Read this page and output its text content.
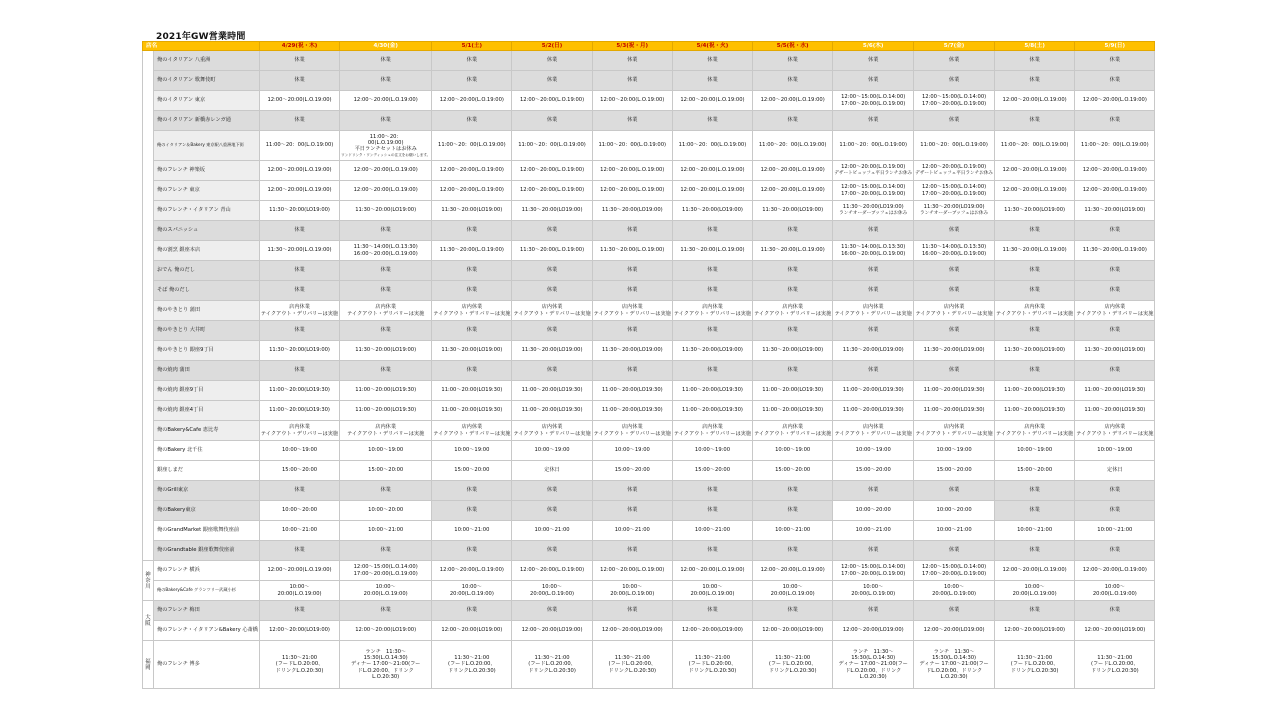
2021年GW営業時間
店名		4/29(祝・木)	4/30(金)	5/1(土)	5/2(日)	5/3(祝・月)	5/4(祝・火)	5/5(祝・水)	5/6(木)	5/7(金)	5/8(土)	5/9(日)
	俺のイタリアン 八重洲	休業	休業	休業	休業	休業	休業	休業	休業	休業	休業	休業

	俺のイタリアン 歌舞伎町	休業	休業	休業	休業	休業	休業	休業	休業	休業	休業	休業

	俺のイタリアン 東京	12:00～20:00(L.O.19:00)	12:00～20:00(L.O.19:00)	12:00～20:00(L.O.19:00)	12:00～20:00(L.O.19:00)	12:00～20:00(L.O.19:00)	12:00～20:00(L.O.19:00)	12:00～20:00(L.O.19:00)	12:00～15:00(L.O.14:00)
17:00～20:00(L.O.19:00)	12:00～15:00(L.O.14:00)
17:00～20:00(L.O.19:00)	12:00～20:00(L.O.19:00)	12:00～20:00(L.O.19:00)

	俺のイタリアン 新橋赤レンガ通	休業	休業	休業	休業	休業	休業	休業	休業	休業	休業	休業

	俺のイタリアン＆Bakery 東京駅八重洲地下街	11:00～20：00(L.O.19:00)	11:00～20：
00(L.O.19:00)
平日ランチセットはお休み
ワンドリンク・ワンディッシュの注文をお願いします。	11:00～20：00(L.O.19:00)	11:00～20：00(L.O.19:00)	11:00～20：00(L.O.19:00)	11:00～20：00(L.O.19:00)	11:00～20：00(L.O.19:00)	11:00～20：00(L.O.19:00)	11:00～20：00(L.O.19:00)	11:00～20：00(L.O.19:00)	11:00～20：00(L.O.19:00)

	俺のフレンチ 神楽坂	12:00～20:00(L.O.19:00)	12:00～20:00(L.O.19:00)	12:00～20:00(L.O.19:00)	12:00～20:00(L.O.19:00)	12:00～20:00(L.O.19:00)	12:00～20:00(L.O.19:00)	12:00～20:00(L.O.19:00)	12:00～20:00(L.O.19:00)
デザートビュッフェ平日ランチお休み	12:00～20:00(L.O.19:00)
デザートビュッフェ平日ランチお休み	12:00～20:00(L.O.19:00)	12:00～20:00(L.O.19:00)

	俺のフレンチ 東京	12:00～20:00(L.O.19:00)	12:00～20:00(L.O.19:00)	12:00～20:00(L.O.19:00)	12:00～20:00(L.O.19:00)	12:00～20:00(L.O.19:00)	12:00～20:00(L.O.19:00)	12:00～20:00(L.O.19:00)	12:00～15:00(L.O.14:00)
17:00～20:00(L.O.19:00)	12:00～15:00(L.O.14:00)
17:00～20:00(L.O.19:00)	12:00～20:00(L.O.19:00)	12:00～20:00(L.O.19:00)

	俺のフレンチ・イタリアン 青山	11:30～20:00(LO19:00)	11:30～20:00(LO19:00)	11:30～20:00(LO19:00)	11:30～20:00(LO19:00)	11:30～20:00(LO19:00)	11:30～20:00(LO19:00)	11:30～20:00(LO19:00)	11:30～20:00(LO19:00)
ランチオーダーブッフェはお休み	11:30～20:00(LO19:00)
ランチオーダーブッフェはお休み	11:30～20:00(LO19:00)	11:30～20:00(LO19:00)

	俺のスパニッシュ	休業	休業	休業	休業	休業	休業	休業	休業	休業	休業	休業

	俺の割烹 銀座本店	11:30～20:00(L.O.19:00)	11:30～14:00(L.O.13:30)
16:00～20:00(L.O.19:00)	11:30～20:00(L.O.19:00)	11:30～20:00(L.O.19:00)	11:30～20:00(L.O.19:00)	11:30～20:00(L.O.19:00)	11:30～20:00(L.O.19:00)	11:30～14:00(L.O.13:30)
16:00～20:00(L.O.19:00)	11:30～14:00(L.O.13:30)
16:00～20:00(L.O.19:00)	11:30～20:00(L.O.19:00)	11:30～20:00(L.O.19:00)

	おでん 俺のだし	休業	休業	休業	休業	休業	休業	休業	休業	休業	休業	休業

	そば 俺のだし	休業	休業	休業	休業	休業	休業	休業	休業	休業	休業	休業

	俺のやきとり 蒲田	店内休業
テイクアウト・デリバリーは実施	店内休業
テイクアウト・デリバリーは実施	店内休業
テイクアウト・デリバリーは実施	店内休業
テイクアウト・デリバリーは実施	店内休業
テイクアウト・デリバリーは実施	店内休業
テイクアウト・デリバリーは実施	店内休業
テイクアウト・デリバリーは実施	店内休業
テイクアウト・デリバリーは実施	店内休業
テイクアウト・デリバリーは実施	店内休業
テイクアウト・デリバリーは実施	店内休業
テイクアウト・デリバリーは実施

	俺のやきとり 大井町	休業	休業	休業	休業	休業	休業	休業	休業	休業	休業	休業

	俺のやきとり 銀座9丁目	11:30～20:00(LO19:00)	11:30～20:00(LO19:00)	11:30～20:00(LO19:00)	11:30～20:00(LO19:00)	11:30～20:00(LO19:00)	11:30～20:00(LO19:00)	11:30～20:00(LO19:00)	11:30～20:00(LO19:00)	11:30～20:00(LO19:00)	11:30～20:00(LO19:00)	11:30～20:00(LO19:00)

	俺の焼肉 蒲田	休業	休業	休業	休業	休業	休業	休業	休業	休業	休業	休業

	俺の焼肉 銀座9丁目	11:00～20:00(LO19:30)	11:00～20:00(LO19:30)	11:00～20:00(LO19:30)	11:00～20:00(LO19:30)	11:00～20:00(LO19:30)	11:00～20:00(LO19:30)	11:00～20:00(LO19:30)	11:00～20:00(LO19:30)	11:00～20:00(LO19:30)	11:00～20:00(LO19:30)	11:00～20:00(LO19:30)

	俺の焼肉 銀座4丁目	11:00～20:00(LO19:30)	11:00～20:00(LO19:30)	11:00～20:00(LO19:30)	11:00～20:00(LO19:30)	11:00～20:00(LO19:30)	11:00～20:00(LO19:30)	11:00～20:00(LO19:30)	11:00～20:00(LO19:30)	11:00～20:00(LO19:30)	11:00～20:00(LO19:30)	11:00～20:00(LO19:30)

	俺のBakery&Cafe 恵比寿	店内休業
テイクアウト・デリバリーは実施	店内休業
テイクアウト・デリバリーは実施	店内休業
テイクアウト・デリバリーは実施	店内休業
テイクアウト・デリバリーは実施	店内休業
テイクアウト・デリバリーは実施	店内休業
テイクアウト・デリバリーは実施	店内休業
テイクアウト・デリバリーは実施	店内休業
テイクアウト・デリバリーは実施	店内休業
テイクアウト・デリバリーは実施	店内休業
テイクアウト・デリバリーは実施	店内休業
テイクアウト・デリバリーは実施

	俺のBakery 北千住	10:00～19:00	10:00～19:00	10:00～19:00	10:00～19:00	10:00～19:00	10:00～19:00	10:00～19:00	10:00～19:00	10:00～19:00	10:00～19:00	10:00～19:00

	銀座しまだ	15:00～20:00	15:00～20:00	15:00～20:00	定休日	15:00～20:00	15:00～20:00	15:00～20:00	15:00～20:00	15:00～20:00	15:00～20:00	定休日

	俺のGrill東京	休業	休業	休業	休業	休業	休業	休業	休業	休業	休業	休業

	俺のBakery東京	10:00～20:00	10:00～20:00	休業	休業	休業	休業	休業	10:00～20:00	10:00～20:00	休業	休業

	俺のGrandMarket 銀座歌舞伎座前	10:00～21:00	10:00～21:00	10:00～21:00	10:00～21:00	10:00～21:00	10:00～21:00	10:00～21:00	10:00～21:00	10:00～21:00	10:00～21:00	10:00～21:00

	俺のGrandtable 銀座歌舞伎座前	休業	休業	休業	休業	休業	休業	休業	休業	休業	休業	休業

神奈川	俺のフレンチ 横浜	12:00～20:00(L.O.19:00)	12:00～15:00(L.O.14:00)
17:00～20:00(L.O.19:00)	12:00～20:00(L.O.19:00)	12:00～20:00(L.O.19:00)	12:00～20:00(L.O.19:00)	12:00～20:00(L.O.19:00)	12:00～20:00(L.O.19:00)	12:00～15:00(L.O.14:00)
17:00～20:00(L.O.19:00)	12:00～15:00(L.O.14:00)
17:00～20:00(L.O.19:00)	12:00～20:00(L.O.19:00)	12:00～20:00(L.O.19:00)

	俺のBakery&Cafe グランツリー武蔵小杉	10:00～
20:00(L.O.19:00)	10:00～
20:00(L.O.19:00)	10:00～
20:00(L.O.19:00)	10:00～
20:00(L.O.19:00)	10:00～
20:00(L.O.19:00)	10:00～
20:00(L.O.19:00)	10:00～
20:00(L.O.19:00)	10:00～
20:00(L.O.19:00)	10:00～
20:00(L.O.19:00)	10:00～
20:00(L.O.19:00)	10:00～
20:00(L.O.19:00)

大阪	俺のフレンチ 梅田	休業	休業	休業	休業	休業	休業	休業	休業	休業	休業	休業

	俺のフレンチ・イタリアン&Bakery 心斎橋	12:00～20:00(LO19:00)	12:00～20:00(LO19:00)	12:00～20:00(LO19:00)	12:00～20:00(LO19:00)	12:00～20:00(LO19:00)	12:00～20:00(LO19:00)	12:00～20:00(LO19:00)	12:00～20:00(LO19:00)	12:00～20:00(LO19:00)	12:00～20:00(LO19:00)	12:00～20:00(LO19:00)

福岡	俺のフレンチ 博多	11:30～21:00
(フードL.O.20:00、
ドリンクL.O.20:30)	ランチ　11:30～
15:30(L.O.14:30)
ディナー 17:00～21:00(フー
ドL.O.20:00、ドリンク
L.O.20:30)	11:30～21:00
(フードL.O.20:00、
ドリンクL.O.20:30)	11:30～21:00
(フードL.O.20:00、
ドリンクL.O.20:30)	11:30～21:00
(フードL.O.20:00、
ドリンクL.O.20:30)	11:30～21:00
(フードL.O.20:00、
ドリンクL.O.20:30)	11:30～21:00
(フードL.O.20:00、
ドリンクL.O.20:30)	ランチ　11:30～
15:30(L.O.14:30)
ディナー 17:00～21:00(フー
ドL.O.20:00、ドリンク
L.O.20:30)	ランチ　11:30～
15:30(L.O.14:30)
ディナー 17:00～21:00(フー
ドL.O.20:00、ドリンク
L.O.20:30)	11:30～21:00
(フードL.O.20:00、
ドリンクL.O.20:30)	11:30～21:00
(フードL.O.20:00、
ドリンクL.O.20:30)
